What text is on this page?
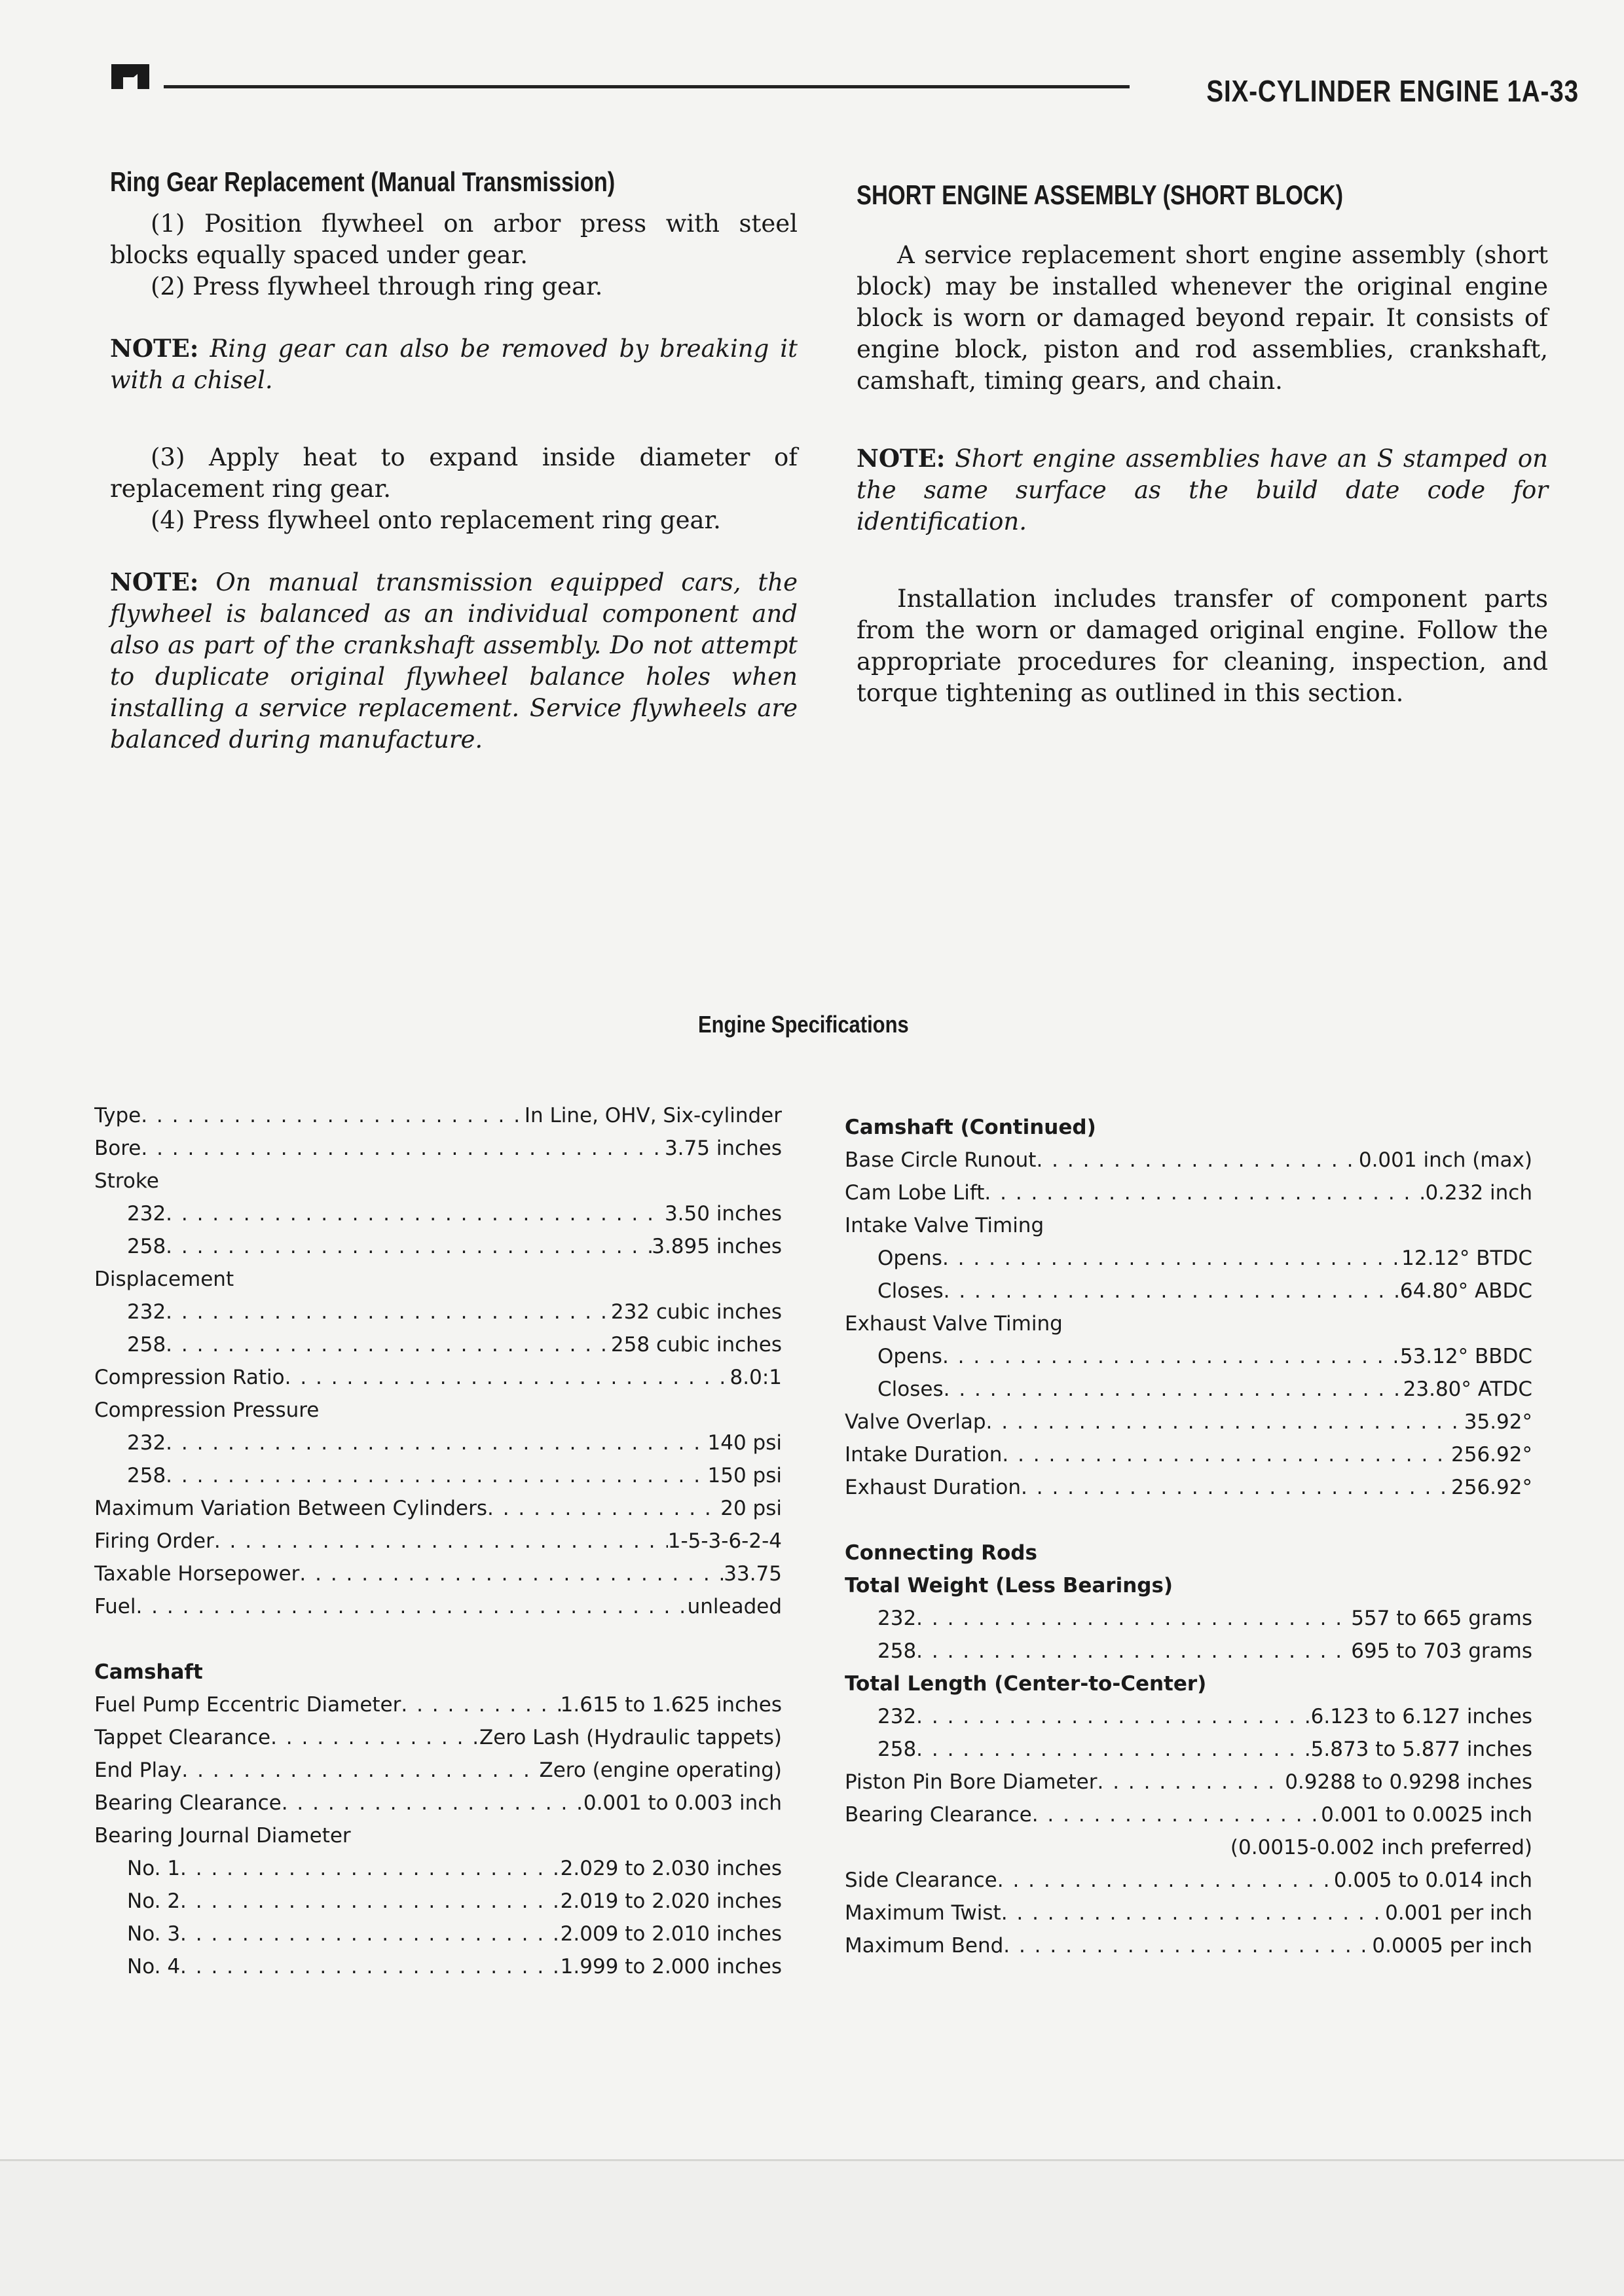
SIX-CYLINDER ENGINE 1A-33
Ring Gear Replacement (Manual Transmission)

(1) Position flywheel on arbor press with steel blocks equally spaced under gear.

(2) Press flywheel through ring gear.

NOTE: Ring gear can also be removed by breaking it with a chisel.

(3) Apply heat to expand inside diameter of replacement ring gear.

(4) Press flywheel onto replacement ring gear.

NOTE: On manual transmission equipped cars, the flywheel is balanced as an individual component and also as part of the crankshaft assembly. Do not attempt to duplicate original flywheel balance holes when installing a service replacement. Service flywheels are balanced during manufacture.

SHORT ENGINE ASSEMBLY (SHORT BLOCK)

A service replacement short engine assembly (short block) may be installed whenever the original engine block is worn or damaged beyond repair. It consists of engine block, piston and rod assemblies, crankshaft, camshaft, timing gears, and chain.

NOTE: Short engine assemblies have an S stamped on the same surface as the build date code for identification.

Installation includes transfer of component parts from the worn or damaged original engine. Follow the appropriate procedures for cleaning, inspection, and torque tightening as outlined in this section.

Engine Specifications
Type . . .	In Line, OHV, Six-cylinder
Bore . . .	3.75 inches
Stroke
232 . . .	3.50 inches
258 . . .	3.895 inches
Displacement
232 . . .	232 cubic inches
258 . . .	258 cubic inches
Compression Ratio . . .	8.0:1
Compression Pressure
232 . . .	140 psi
258 . . .	150 psi
Maximum Variation Between Cylinders . . .	20 psi
Firing Order . . .	1-5-3-6-2-4
Taxable Horsepower . . .	33.75
Fuel . . .	unleaded
Camshaft
Fuel Pump Eccentric Diameter . . .	1.615 to 1.625 inches
Tappet Clearance . . .	Zero Lash (Hydraulic tappets)
End Play . . .	Zero (engine operating)
Bearing Clearance . . .	0.001 to 0.003 inch
Bearing Journal Diameter
No. 1 . . .	2.029 to 2.030 inches
No. 2 . . .	2.019 to 2.020 inches
No. 3 . . .	2.009 to 2.010 inches
No. 4 . . .	1.999 to 2.000 inches
Camshaft (Continued)
Base Circle Runout . . .	0.001 inch (max)
Cam Lobe Lift . . .	0.232 inch
Intake Valve Timing
Opens . . .	12.12° BTDC
Closes . . .	64.80° ABDC
Exhaust Valve Timing
Opens . . .	53.12° BBDC
Closes . . .	23.80° ATDC
Valve Overlap . . .	35.92°
Intake Duration . . .	256.92°
Exhaust Duration . . .	256.92°
Connecting Rods
Total Weight (Less Bearings)
232 . . .	557 to 665 grams
258 . . .	695 to 703 grams
Total Length (Center-to-Center)
232 . . .	6.123 to 6.127 inches
258 . . .	5.873 to 5.877 inches
Piston Pin Bore Diameter . . .	0.9288 to 0.9298 inches
Bearing Clearance . . .	0.001 to 0.0025 inch
(0.0015-0.002 inch preferred)
Side Clearance . . .	0.005 to 0.014 inch
Maximum Twist . . .	0.001 per inch
Maximum Bend . . .	0.0005 per inch
